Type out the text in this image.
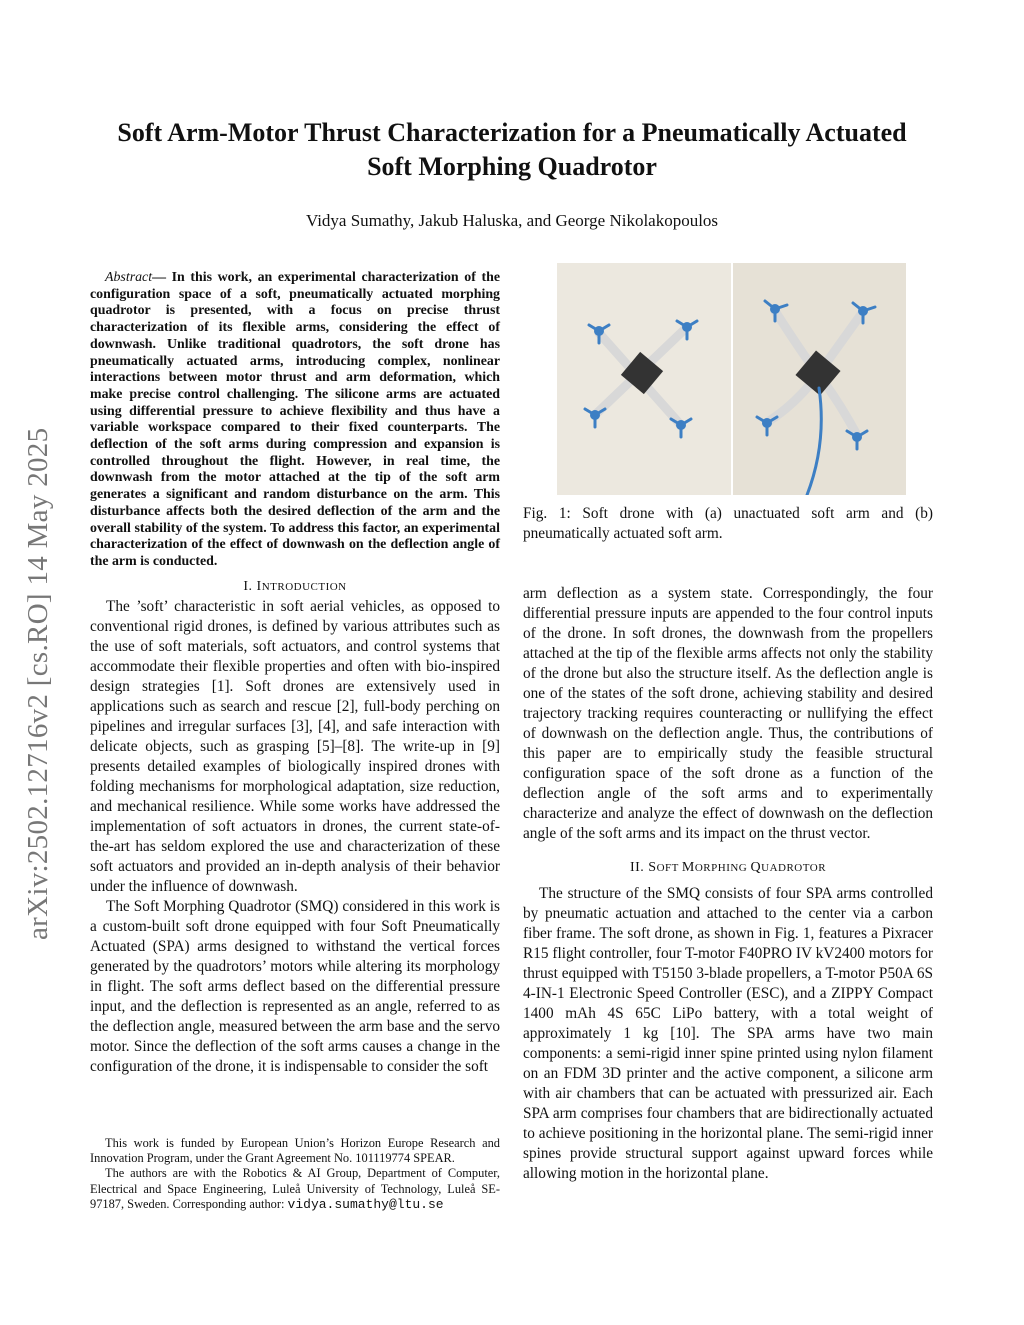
arXiv:2502.12716v2 [cs.RO] 14 May 2025
Soft Arm-Motor Thrust Characterization for a Pneumatically Actuated
Soft Morphing Quadrotor
Vidya Sumathy, Jakub Haluska, and George Nikolakopoulos

Abstract— In this work, an experimental characterization of the configuration space of a soft, pneumatically actuated morphing quadrotor is presented, with a focus on precise thrust characterization of its flexible arms, considering the effect of downwash. Unlike traditional quadrotors, the soft drone has pneumatically actuated arms, introducing complex, nonlinear interactions between motor thrust and arm deformation, which make precise control challenging. The silicone arms are actuated using differential pressure to achieve flexibility and thus have a variable workspace compared to their fixed counterparts. The deflection of the soft arms during compression and expansion is controlled throughout the flight. However, in real time, the downwash from the motor attached at the tip of the soft arm generates a significant and random disturbance on the arm. This disturbance affects both the desired deflection of the arm and the overall stability of the system. To address this factor, an experimental characterization of the effect of downwash on the deflection angle of the arm is conducted.

I. INTRODUCTION

The ’soft’ characteristic in soft aerial vehicles, as opposed to conventional rigid drones, is defined by various attributes such as the use of soft materials, soft actuators, and control systems that accommodate their flexible properties and often with bio-inspired design strategies [1]. Soft drones are extensively used in applications such as search and rescue [2], full-body perching on pipelines and irregular surfaces [3], [4], and safe interaction with delicate objects, such as grasping [5]–[8]. The write-up in [9] presents detailed examples of biologically inspired drones with folding mechanisms for morphological adaptation, size reduction, and mechanical resilience. While some works have addressed the implementation of soft actuators in drones, the current state-of-the-art has seldom explored the use and characterization of these soft actuators and provided an in-depth analysis of their behavior under the influence of downwash.

The Soft Morphing Quadrotor (SMQ) considered in this work is a custom-built soft drone equipped with four Soft Pneumatically Actuated (SPA) arms designed to withstand the vertical forces generated by the quadrotors’ motors while altering its morphology in flight. The soft arms deflect based on the differential pressure input, and the deflection is represented as an angle, referred to as the deflection angle, measured between the arm base and the servo motor. Since the deflection of the soft arms causes a change in the configuration of the drone, it is indispensable to consider the soft

This work is funded by European Union’s Horizon Europe Research and Innovation Program, under the Grant Agreement No. 101119774 SPEAR.

The authors are with the Robotics & AI Group, Department of Computer, Electrical and Space Engineering, Luleå University of Technology, Luleå SE-97187, Sweden. Corresponding author: vidya.sumathy@ltu.se

Fig. 1: Soft drone with (a) unactuated soft arm and (b) pneumatically actuated soft arm.

arm deflection as a system state. Correspondingly, the four differential pressure inputs are appended to the four control inputs of the drone. In soft drones, the downwash from the propellers attached at the tip of the flexible arms affects not only the stability of the drone but also the structure itself. As the deflection angle is one of the states of the soft drone, achieving stability and desired trajectory tracking requires counteracting or nullifying the effect of downwash on the deflection angle. Thus, the contributions of this paper are to empirically study the feasible structural configuration space of the soft drone as a function of the deflection angle of the soft arms and to experimentally characterize and analyze the effect of downwash on the deflection angle of the soft arms and its impact on the thrust vector.

II. SOFT MORPHING QUADROTOR

The structure of the SMQ consists of four SPA arms controlled by pneumatic actuation and attached to the center via a carbon fiber frame. The soft drone, as shown in Fig. 1, features a Pixracer R15 flight controller, four T-motor F40PRO IV kV2400 motors for thrust equipped with T5150 3-blade propellers, a T-motor P50A 6S 4-IN-1 Electronic Speed Controller (ESC), and a ZIPPY Compact 1400 mAh 4S 65C LiPo battery, with a total weight of approximately 1 kg [10]. The SPA arms have two main components: a semi-rigid inner spine printed using nylon filament on an FDM 3D printer and the active component, a silicone arm with air chambers that can be actuated with pressurized air. Each SPA arm comprises four chambers that are bidirectionally actuated to achieve positioning in the horizontal plane. The semi-rigid inner spines provide structural support against upward forces while allowing motion in the horizontal plane.
